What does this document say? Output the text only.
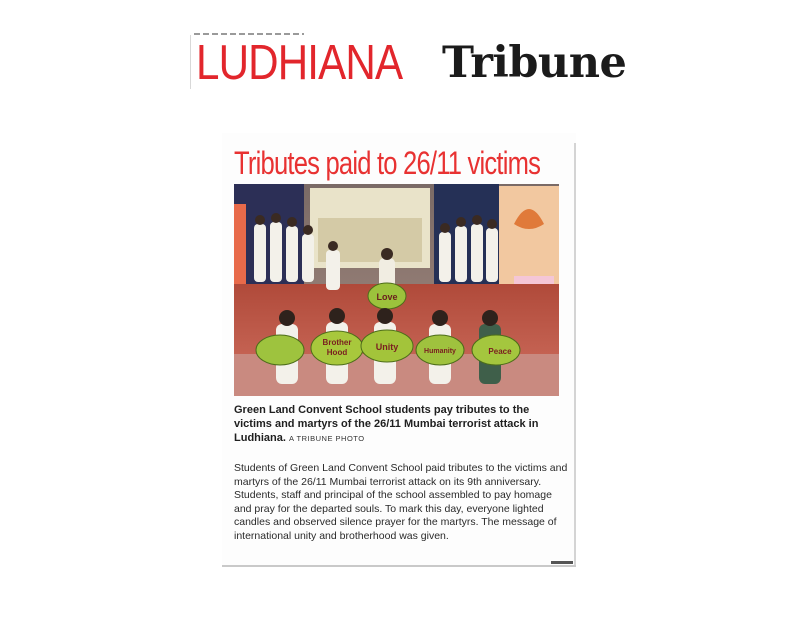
LUDHIANA Tribune
Tributes paid to 26/11 victims
Love
Brother
Hood
Unity	Humanity	Peace
Green Land Convent School students pay tributes to the victims and martyrs of the 26/11 Mumbai terrorist attack in Ludhiana. A TRIBUNE PHOTO
Students of Green Land Convent School paid tributes to the victims and martyrs of the 26/11 Mumbai terrorist attack on its 9th anniversary. Students, staff and principal of the school assembled to pay homage and pray for the departed souls. To mark this day, everyone lighted candles and observed silence prayer for the martyrs. The message of international unity and brotherhood was given.
